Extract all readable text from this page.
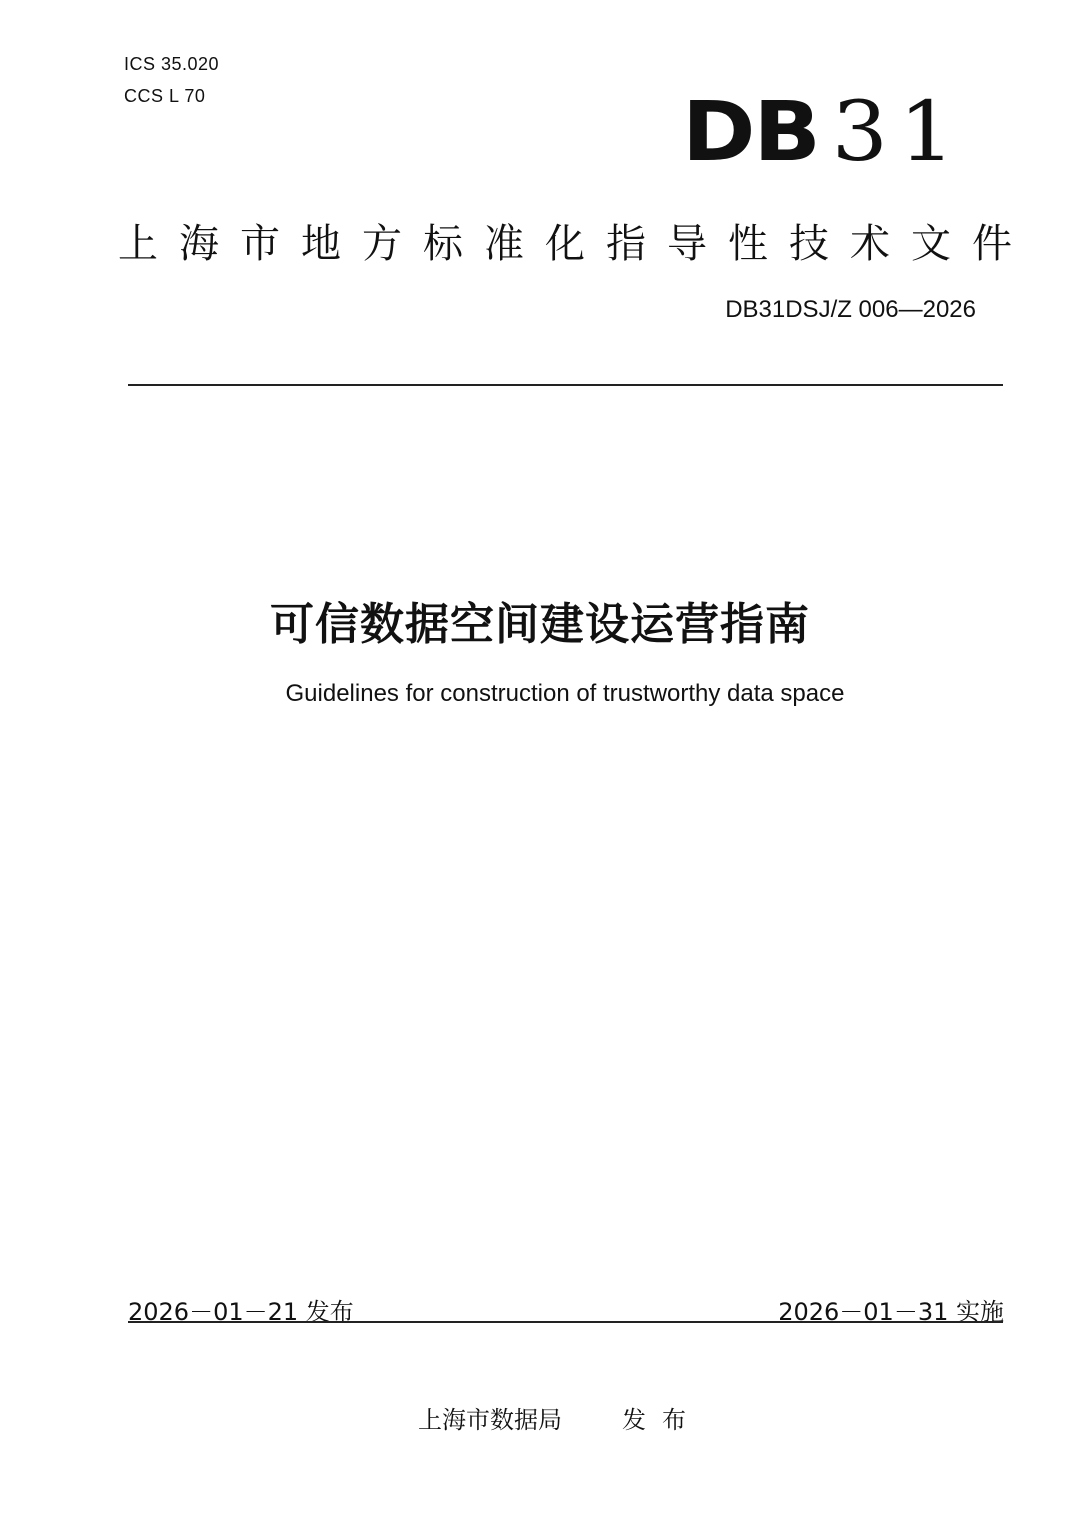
ICS 35.020
CCS L 70	DB 31
上海市地方标准化指导性技术文件
DB31DSJ/Z 006—2026
可信数据空间建设运营指南
Guidelines for construction of trustworthy data space
2026－01－21 发布	2026－01－31 实施
上海市数据局	发布
